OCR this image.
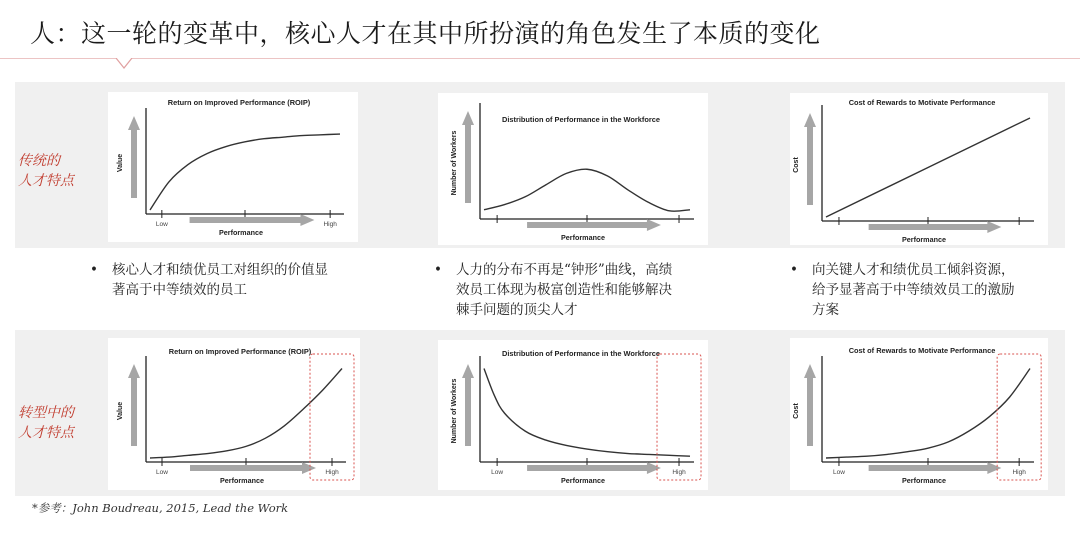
人：这一轮的变革中，核心人才在其中所扮演的角色发生了本质的变化
传统的
人才特点
转型中的
人才特点
Return on Improved Performance (ROIP)
Low	High
Performance
Value
Distribution of Performance in the Workforce
Performance
Number of Workers
Cost of Rewards to Motivate Performance
Performance
Cost
Return on Improved Performance (ROIP)
Low	High
Performance
Value
Distribution of Performance in the Workforce
Low	High
Performance
Number of Workers
Cost of Rewards to Motivate Performance
Low	High
Performance
Cost
• 核心人才和绩优员工对组织的价值显
著高于中等绩效的员工
• 人力的分布不再是“钟形”曲线，高绩
效员工体现为极富创造性和能够解决
棘手问题的顶尖人才
• 向关键人才和绩优员工倾斜资源，
给予显著高于中等绩效员工的激励
方案
*参考：John Boudreau, 2015, Lead the Work
